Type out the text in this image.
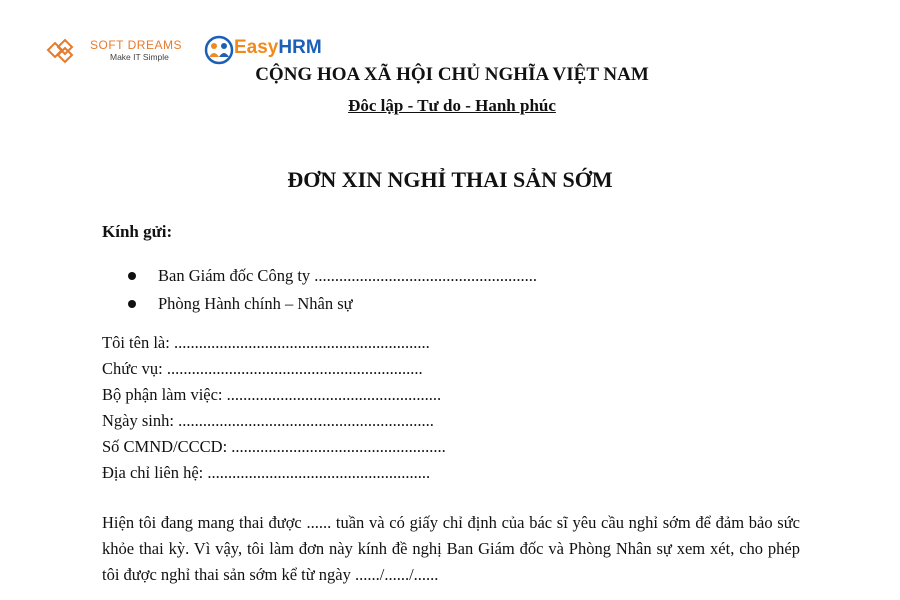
SOFT DREAMS
Make IT Simple	EasyHRM
CỘNG HOA XÃ HỘI CHỦ NGHĨA VIỆT NAM
Đôc lập - Tư do - Hanh phúc
ĐƠN XIN NGHỈ THAI SẢN SỚM
Kính gửi:
Ban Giám đốc Công ty ......................................................
Phòng Hành chính – Nhân sự
Tôi tên là: ..............................................................
Chức vụ: ..............................................................
Bộ phận làm việc: ....................................................
Ngày sinh: ..............................................................
Số CMND/CCCD: ....................................................
Địa chỉ liên hệ: ......................................................

Hiện tôi đang mang thai được ...... tuần và có giấy chỉ định của bác sĩ yêu cầu nghỉ sớm để đảm bảo sức khỏe thai kỳ. Vì vậy, tôi làm đơn này kính đề nghị Ban Giám đốc và Phòng Nhân sự xem xét, cho phép tôi được nghỉ thai sản sớm kể từ ngày ....../....../......
